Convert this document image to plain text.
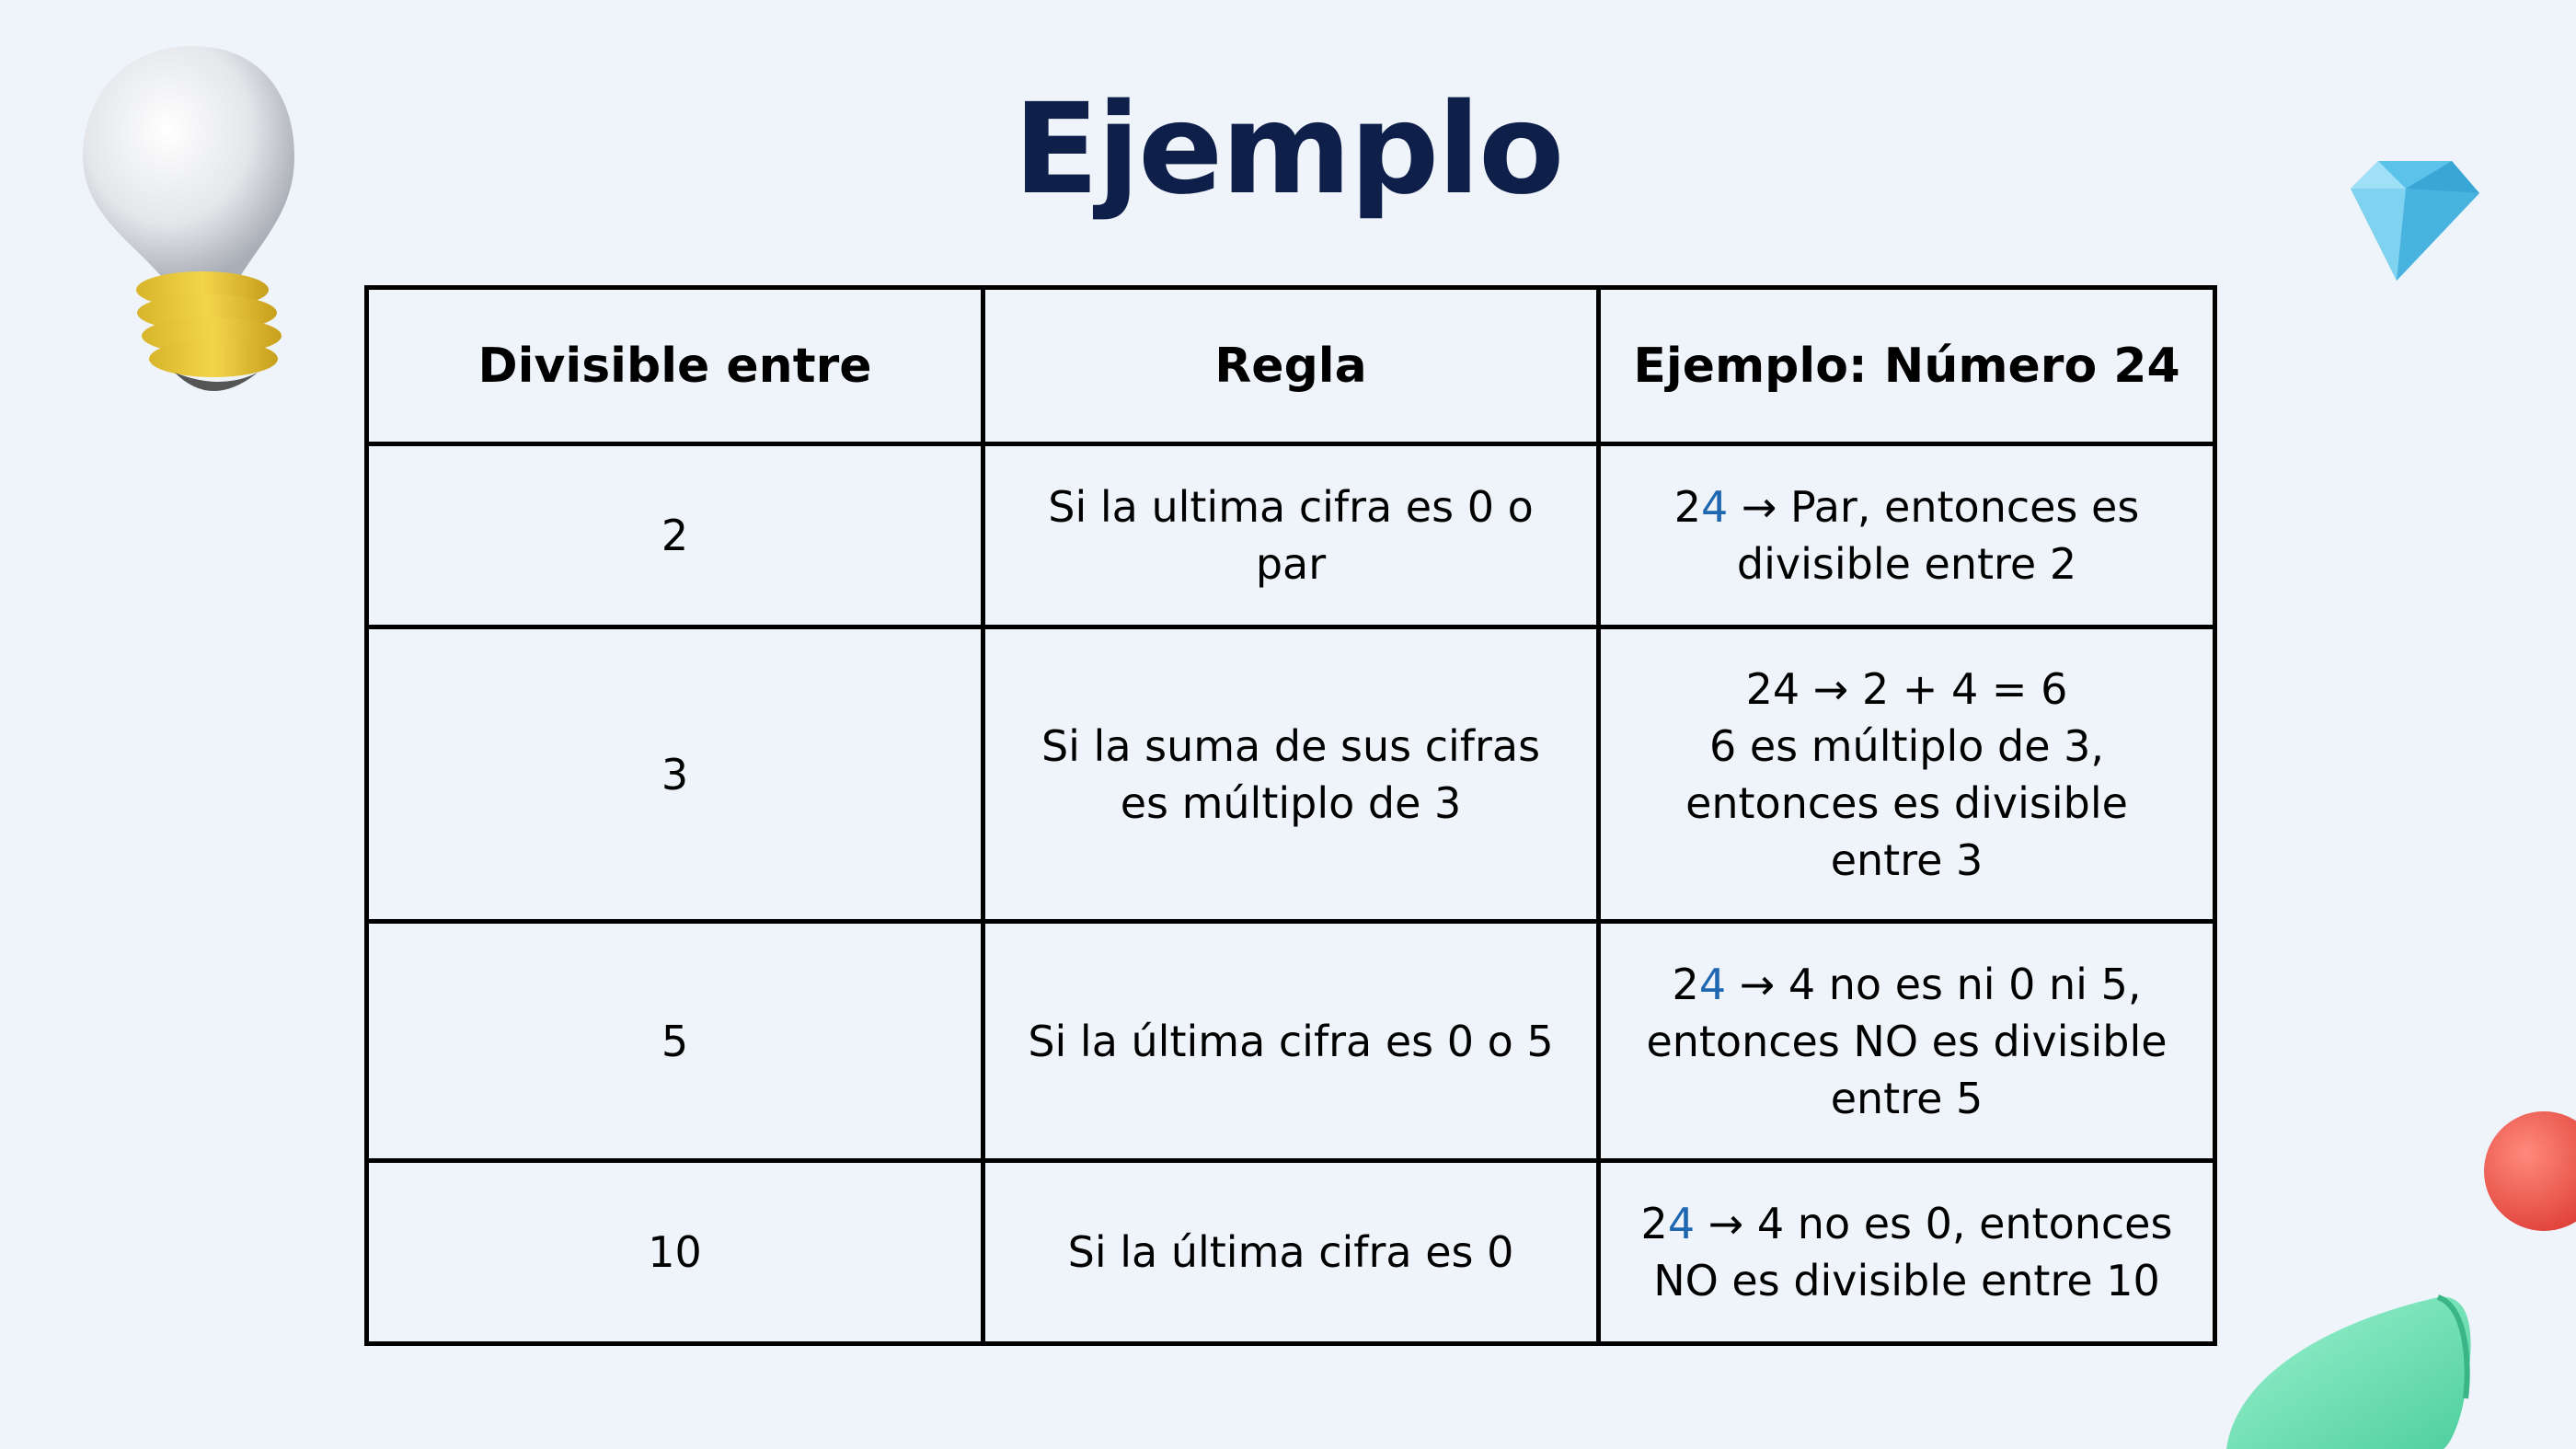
Ejemplo
Divisible entre	Regla	Ejemplo: Número 24
2	Si la ultima cifra es 0 o par	24 → Par, entonces es
divisible entre 2

3	Si la suma de sus cifras es múltiplo de 3	24 → 2 + 4 = 6
6 es múltiplo de 3,
entonces es divisible
entre 3

5	Si la última cifra es 0 o 5	24 → 4 no es ni 0 ni 5,
entonces NO es divisible
entre 5

10	Si la última cifra es 0	24 → 4 no es 0, entonces
NO es divisible entre 10
